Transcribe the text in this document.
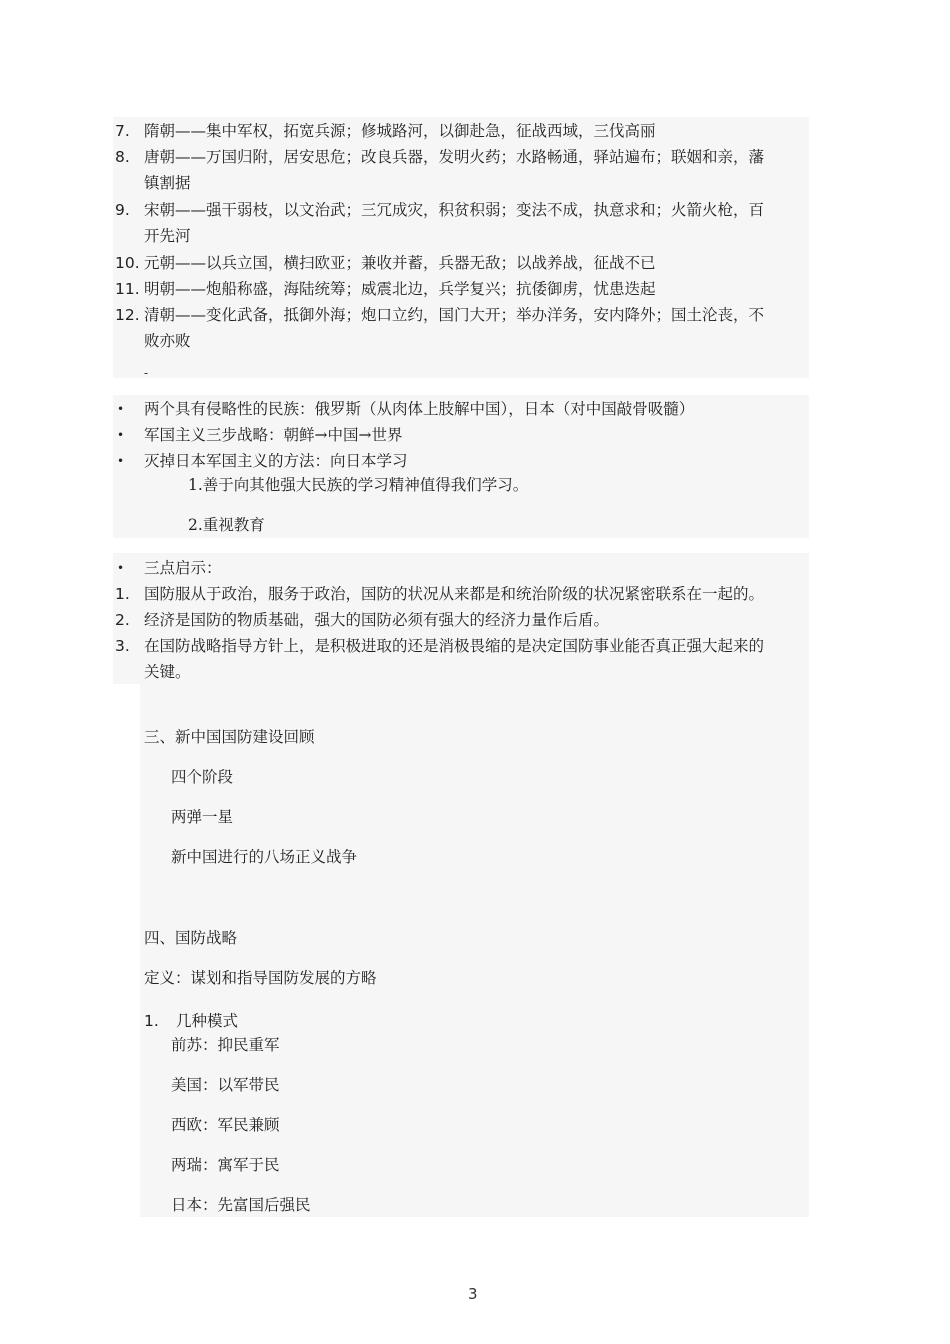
7. 隋朝——集中军权，拓宽兵源；修城路河，以御赴急，征战西域，三伐高丽
8. 唐朝——万国归附，居安思危；改良兵器，发明火药；水路畅通，驿站遍布；联姻和亲，藩
镇割据
9. 宋朝——强干弱枝，以文治武；三冗成灾，积贫积弱；变法不成，执意求和；火箭火枪，百
开先河
10. 元朝——以兵立国，横扫欧亚；兼收并蓄，兵器无敌；以战养战，征战不已
11. 明朝——炮船称盛，海陆统筹；威震北边，兵学复兴；抗倭御虏，忧患迭起
12. 清朝——变化武备，抵御外海；炮口立约，国门大开；举办洋务，安内降外；国土沦丧，不
败亦败
-
• 两个具有侵略性的民族：俄罗斯（从肉体上肢解中国），日本（对中国敲骨吸髓）
• 军国主义三步战略：朝鲜→中国→世界
• 灭掉日本军国主义的方法：向日本学习
1.善于向其他强大民族的学习精神值得我们学习。
2.重视教育
• 三点启示：
1. 国防服从于政治，服务于政治，国防的状况从来都是和统治阶级的状况紧密联系在一起的。
2. 经济是国防的物质基础，强大的国防必须有强大的经济力量作后盾。
3. 在国防战略指导方针上，是积极进取的还是消极畏缩的是决定国防事业能否真正强大起来的
关键。
三、新中国国防建设回顾
四个阶段
两弹一星
新中国进行的八场正义战争
四、国防战略
定义：谋划和指导国防发展的方略
1. 几种模式
前苏：抑民重军
美国：以军带民
西欧：军民兼顾
两瑞：寓军于民
日本：先富国后强民
3
